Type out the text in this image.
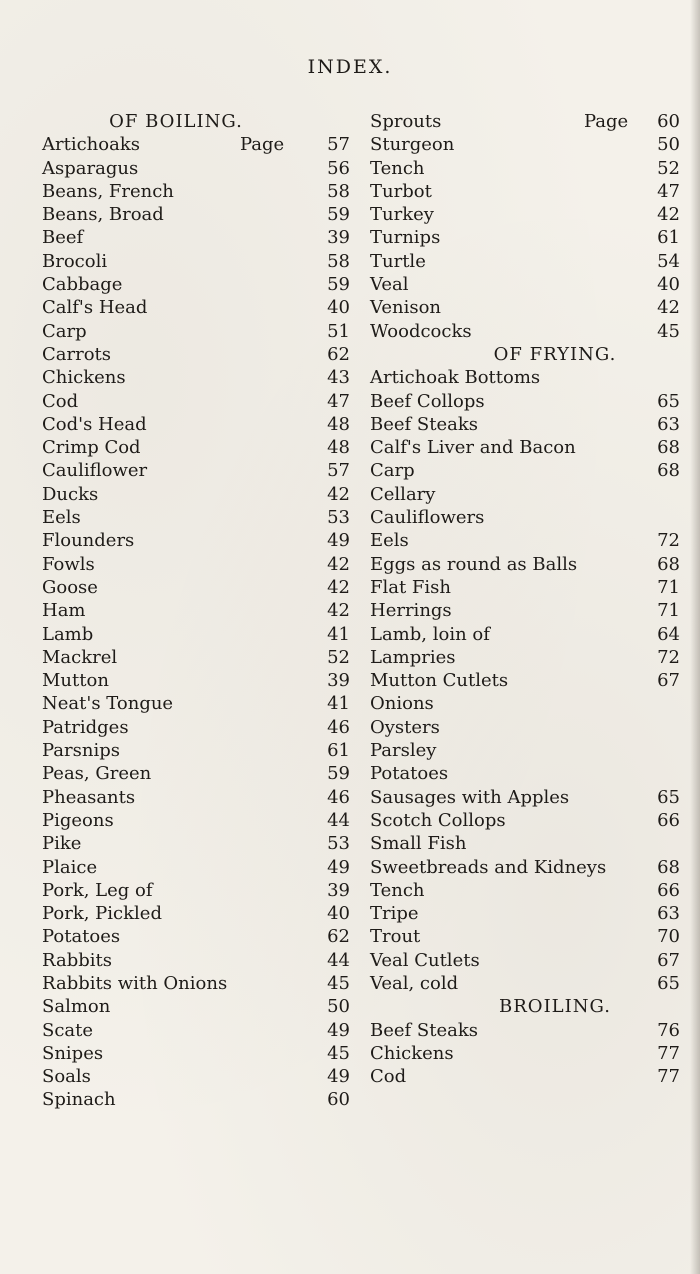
INDEX.
OF BOILING.
Artichoaks	Page 57
Asparagus	56
Beans, French	58
Beans, Broad	59
Beef	39
Brocoli	58
Cabbage	59
Calf's Head	40
Carp	51
Carrots	62
Chickens	43
Cod	47
Cod's Head	48
Crimp Cod	48
Cauliflower	57
Ducks	42
Eels	53
Flounders	49
Fowls	42
Goose	42
Ham	42
Lamb	41
Mackrel	52
Mutton	39
Neat's Tongue	41
Patridges	46
Parsnips	61
Peas, Green	59
Pheasants	46
Pigeons	44
Pike	53
Plaice	49
Pork, Leg of	39
Pork, Pickled	40
Potatoes	62
Rabbits	44
Rabbits with Onions	45
Salmon	50
Scate	49
Snipes	45
Soals	49
Spinach	60
Sprouts	Page 60
Sturgeon	50
Tench	52
Turbot	47
Turkey	42
Turnips	61
Turtle	54
Veal	40
Venison	42
Woodcocks	45
OF FRYING.
Artichoak Bottoms
Beef Collops	65
Beef Steaks	63
Calf's Liver and Bacon	68
Carp	68
Cellary
Cauliflowers
Eels	72
Eggs as round as Balls	68
Flat Fish	71
Herrings	71
Lamb, loin of	64
Lampries	72
Mutton Cutlets	67
Onions
Oysters
Parsley
Potatoes
Sausages with Apples	65
Scotch Collops	66
Small Fish
Sweetbreads and Kidneys	68
Tench	66
Tripe	63
Trout	70
Veal Cutlets	67
Veal, cold	65
BROILING.
Beef Steaks	76
Chickens	77
Cod	77
